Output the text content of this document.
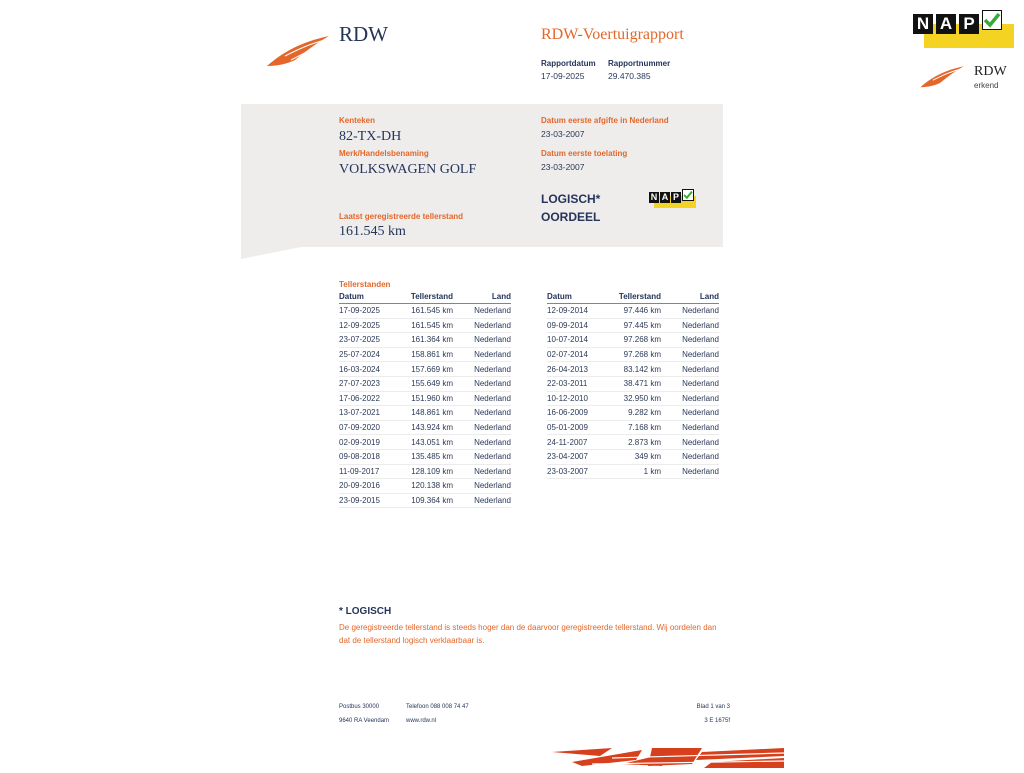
RDW	RDW-Voertuigrapport
Rapportdatum
17-09-2025
Rapportnummer
29.470.385
N A P
RDW
erkend
Kenteken
82-TX-DH
Merk/Handelsbenaming
VOLKSWAGEN GOLF
Laatst geregistreerde tellerstand
161.545 km
Datum eerste afgifte in Nederland
23-03-2007
Datum eerste toelating
23-03-2007
LOGISCH*
OORDEEL
N A P
Tellerstanden
Datum	Tellerstand	Land
17-09-2025	161.545 km	Nederland
12-09-2025	161.545 km	Nederland
23-07-2025	161.364 km	Nederland
25-07-2024	158.861 km	Nederland
16-03-2024	157.669 km	Nederland
27-07-2023	155.649 km	Nederland
17-06-2022	151.960 km	Nederland
13-07-2021	148.861 km	Nederland
07-09-2020	143.924 km	Nederland
02-09-2019	143.051 km	Nederland
09-08-2018	135.485 km	Nederland
11-09-2017	128.109 km	Nederland
20-09-2016	120.138 km	Nederland
23-09-2015	109.364 km	Nederland
Datum	Tellerstand	Land
12-09-2014	97.446 km	Nederland
09-09-2014	97.445 km	Nederland
10-07-2014	97.268 km	Nederland
02-07-2014	97.268 km	Nederland
26-04-2013	83.142 km	Nederland
22-03-2011	38.471 km	Nederland
10-12-2010	32.950 km	Nederland
16-06-2009	9.282 km	Nederland
05-01-2009	7.168 km	Nederland
24-11-2007	2.873 km	Nederland
23-04-2007	349 km	Nederland
23-03-2007	1 km	Nederland
* LOGISCH
De geregistreerde tellerstand is steeds hoger dan de daarvoor geregistreerde tellerstand. Wij oordelen dan
dat de tellerstand logisch verklaarbaar is.
Postbus 30000
9640 RA Veendam
Telefoon 088 008 74 47
www.rdw.nl
Blad 1 van 3
3 E 1675f
